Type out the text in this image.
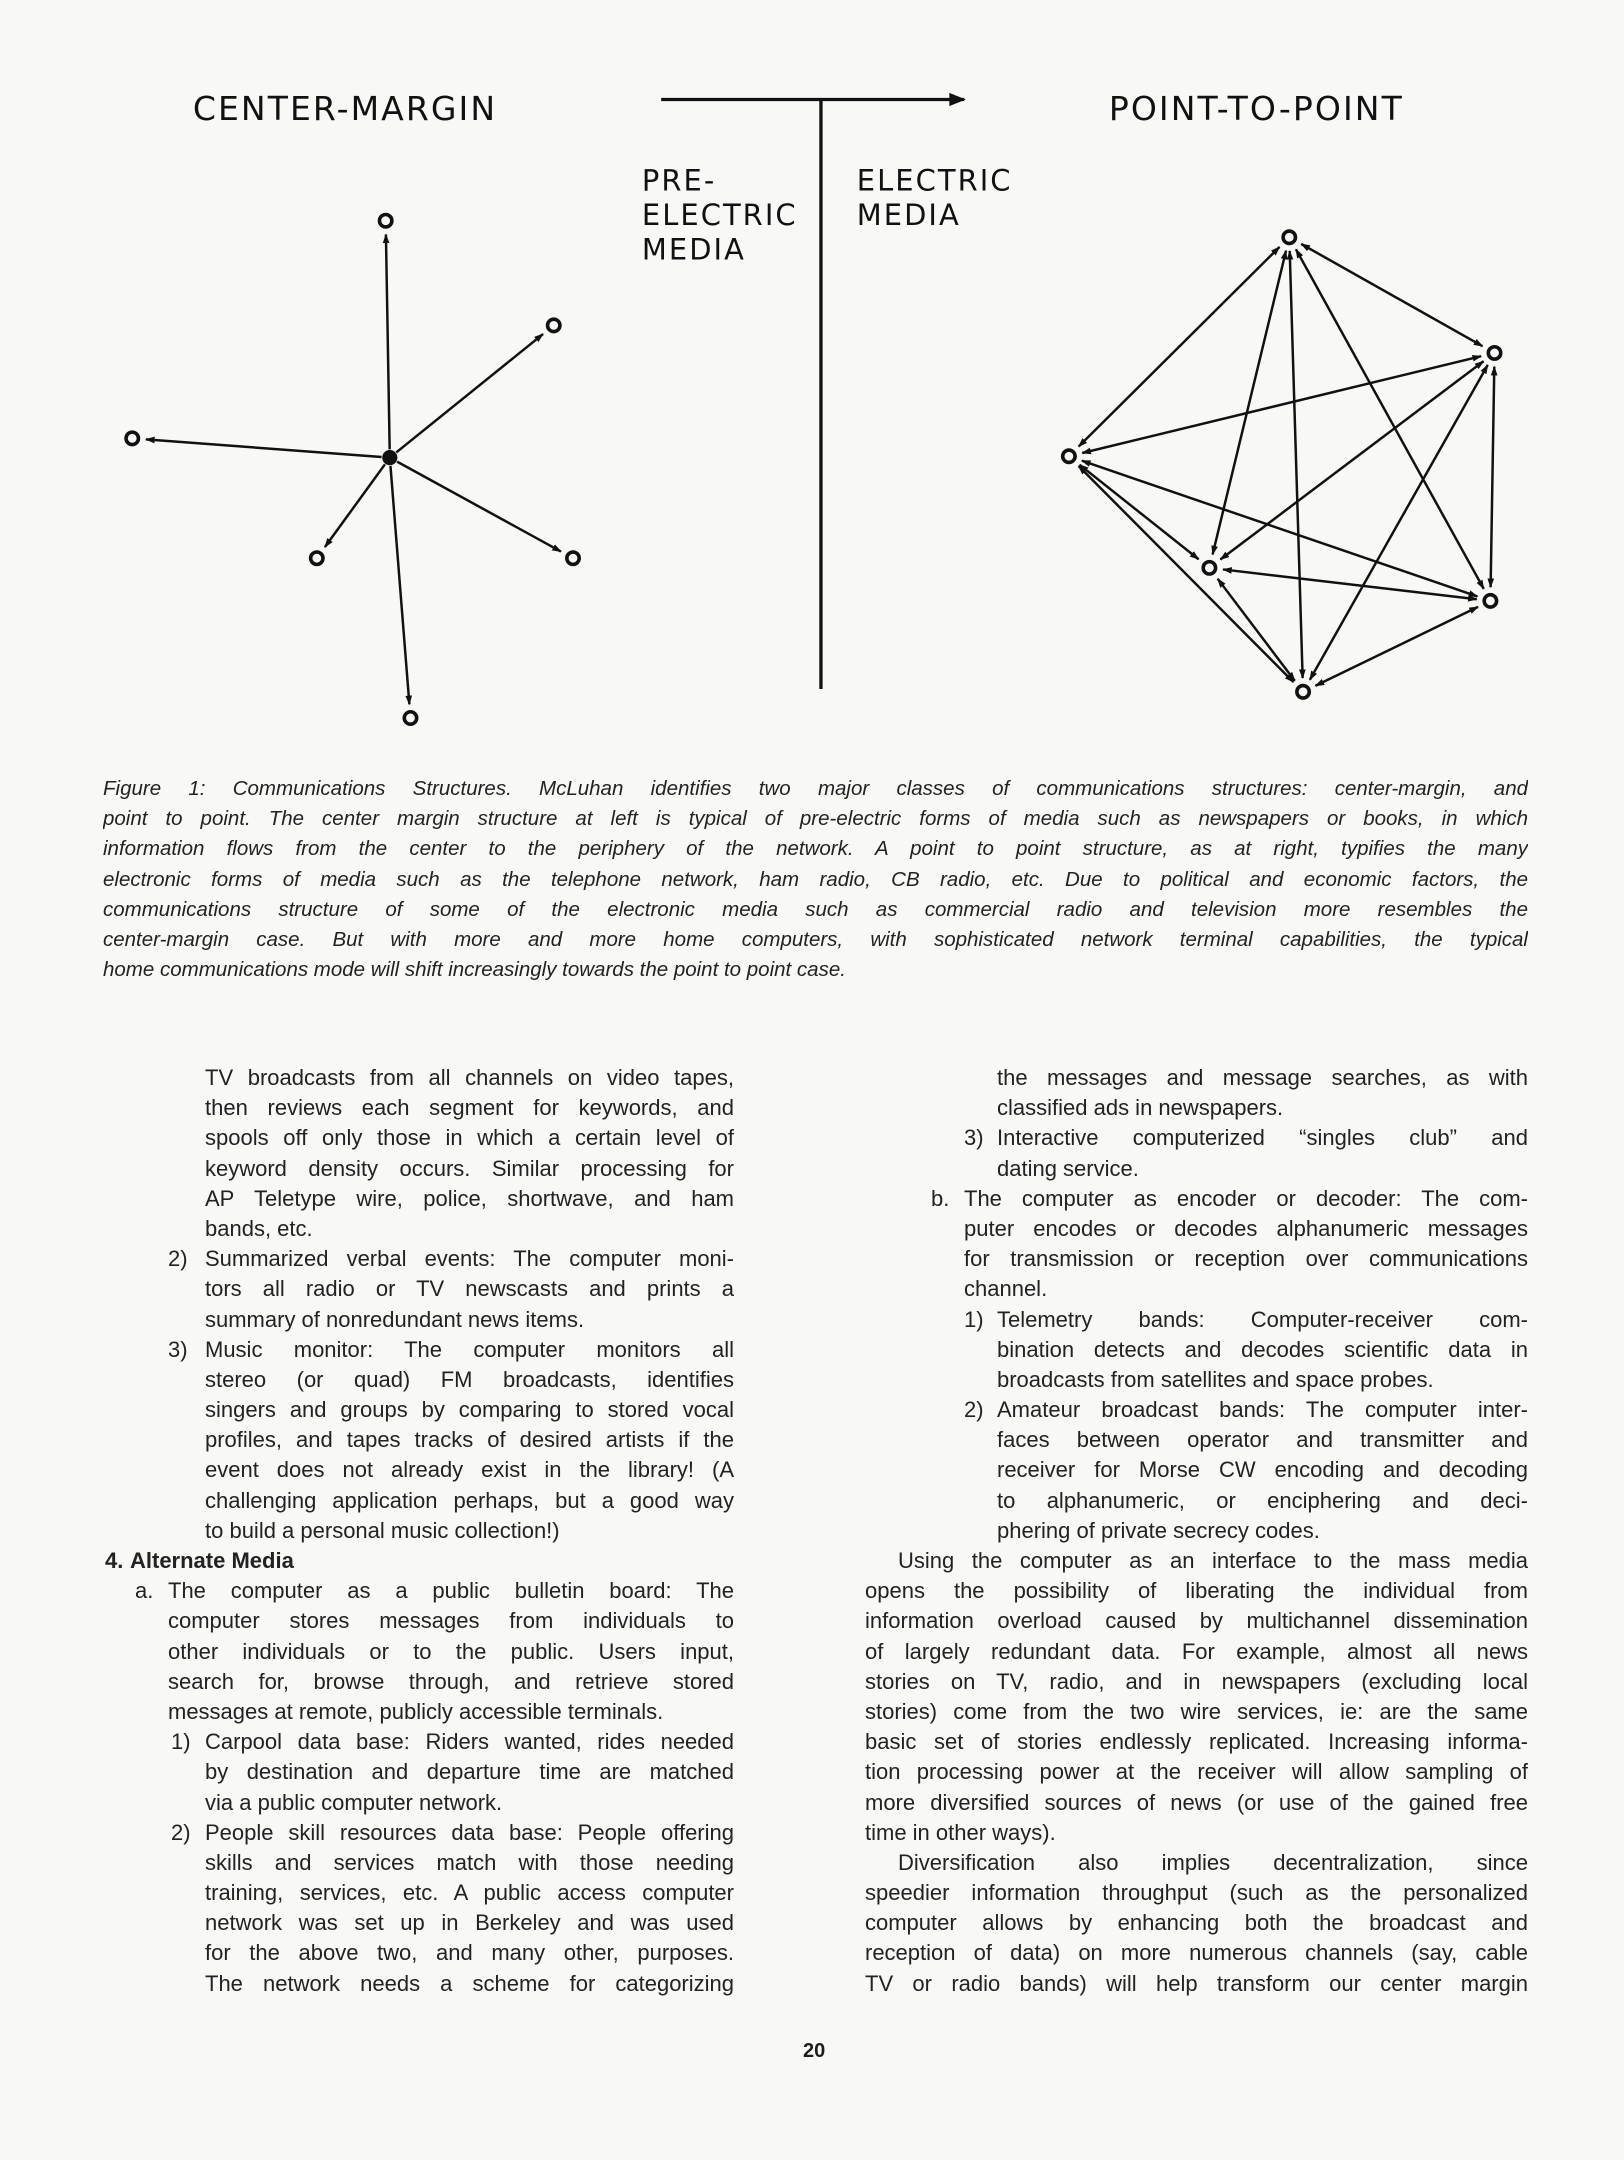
CENTER-MARGIN	POINT-TO-POINT
PRE-
ELECTRIC
MEDIA
ELECTRIC
MEDIA
Figure 1: Communications Structures. McLuhan identifies two major classes of communications structures: center-margin, and
point to point. The center margin structure at left is typical of pre-electric forms of media such as newspapers or books, in which
information flows from the center to the periphery of the network. A point to point structure, as at right, typifies the many
electronic forms of media such as the telephone network, ham radio, CB radio, etc. Due to political and economic factors, the
communications structure of some of the electronic media such as commercial radio and television more resembles the
center-margin case. But with more and more home computers, with sophisticated network terminal capabilities, the typical
home communications mode will shift increasingly towards the point to point case.
TV broadcasts from all channels on video tapes,
then reviews each segment for keywords, and
spools off only those in which a certain level of
keyword density occurs. Similar processing for
AP Teletype wire, police, shortwave, and ham
bands, etc.
2) Summarized verbal events: The computer moni-
tors all radio or TV newscasts and prints a
summary of nonredundant news items.
3) Music monitor: The computer monitors all
stereo (or quad) FM broadcasts, identifies
singers and groups by comparing to stored vocal
profiles, and tapes tracks of desired artists if the
event does not already exist in the library! (A
challenging application perhaps, but a good way
to build a personal music collection!)
4. Alternate Media
a. The computer as a public bulletin board: The
computer stores messages from individuals to
other individuals or to the public. Users input,
search for, browse through, and retrieve stored
messages at remote, publicly accessible terminals.
1) Carpool data base: Riders wanted, rides needed
by destination and departure time are matched
via a public computer network.
2) People skill resources data base: People offering
skills and services match with those needing
training, services, etc. A public access computer
network was set up in Berkeley and was used
for the above two, and many other, purposes.
The network needs a scheme for categorizing
the messages and message searches, as with
classified ads in newspapers.
3) Interactive computerized “singles club” and
dating service.
b. The computer as encoder or decoder: The com-
puter encodes or decodes alphanumeric messages
for transmission or reception over communications
channel.
1) Telemetry bands: Computer-receiver com-
bination detects and decodes scientific data in
broadcasts from satellites and space probes.
2) Amateur broadcast bands: The computer inter-
faces between operator and transmitter and
receiver for Morse CW encoding and decoding
to alphanumeric, or enciphering and deci-
phering of private secrecy codes.
Using the computer as an interface to the mass media
opens the possibility of liberating the individual from
information overload caused by multichannel dissemination
of largely redundant data. For example, almost all news
stories on TV, radio, and in newspapers (excluding local
stories) come from the two wire services, ie: are the same
basic set of stories endlessly replicated. Increasing informa-
tion processing power at the receiver will allow sampling of
more diversified sources of news (or use of the gained free
time in other ways).
Diversification also implies decentralization, since
speedier information throughput (such as the personalized
computer allows by enhancing both the broadcast and
reception of data) on more numerous channels (say, cable
TV or radio bands) will help transform our center margin
20
